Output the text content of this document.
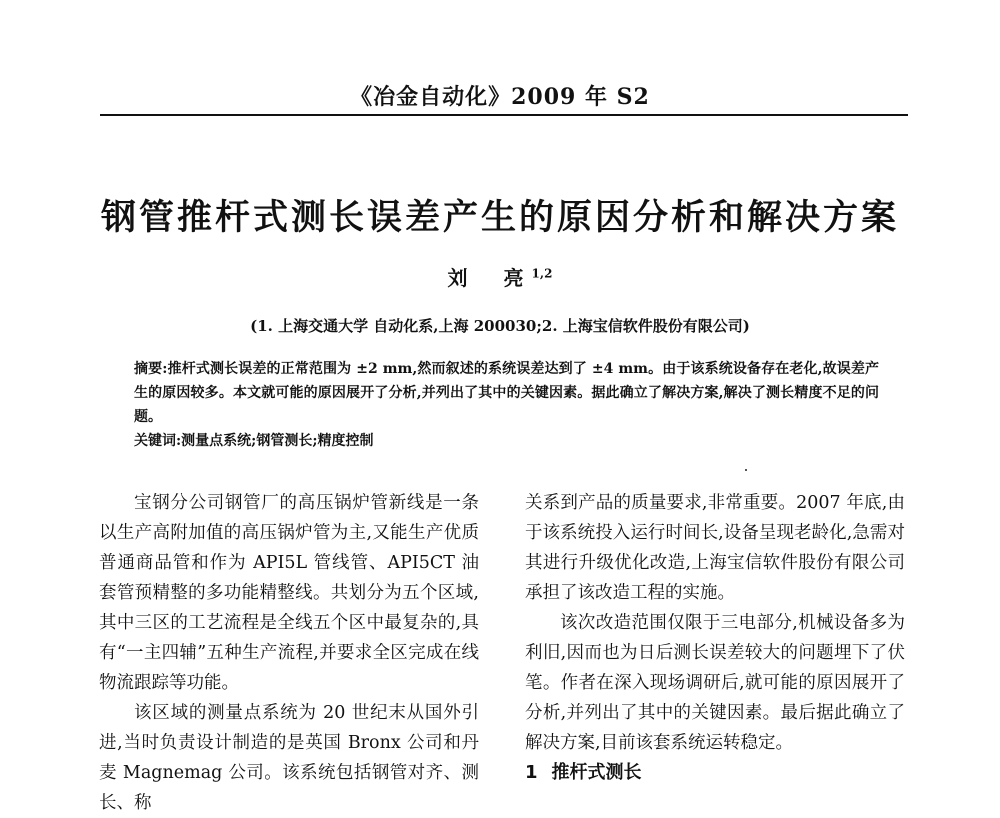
《冶金自动化》2009 年 S2
钢管推杆式测长误差产生的原因分析和解决方案
刘　亮$^{1,2}$
(1. 上海交通大学 自动化系,上海 200030;2. 上海宝信软件股份有限公司)

摘要:推杆式测长误差的正常范围为 ±2 mm,然而叙述的系统误差达到了 ±4 mm。由于该系统设备存在老化,故误差产生的原因较多。本文就可能的原因展开了分析,并列出了其中的关键因素。据此确立了解决方案,解决了测长精度不足的问题。

关键词:测量点系统;钢管测长;精度控制

宝钢分公司钢管厂的高压锅炉管新线是一条以生产高附加值的高压锅炉管为主,又能生产优质普通商品管和作为 API5L 管线管、API5CT 油套管预精整的多功能精整线。共划分为五个区域,其中三区的工艺流程是全线五个区中最复杂的,具有“一主四辅”五种生产流程,并要求全区完成在线物流跟踪等功能。

该区域的测量点系统为 20 世纪末从国外引进,当时负责设计制造的是英国 Bronx 公司和丹麦 Magnemag 公司。该系统包括钢管对齐、测长、称

关系到产品的质量要求,非常重要。2007 年底,由于该系统投入运行时间长,设备呈现老龄化,急需对其进行升级优化改造,上海宝信软件股份有限公司承担了该改造工程的实施。

该次改造范围仅限于三电部分,机械设备多为利旧,因而也为日后测长误差较大的问题埋下了伏笔。作者在深入现场调研后,就可能的原因展开了分析,并列出了其中的关键因素。最后据此确立了解决方案,目前该套系统运转稳定。

1 推杆式测长
